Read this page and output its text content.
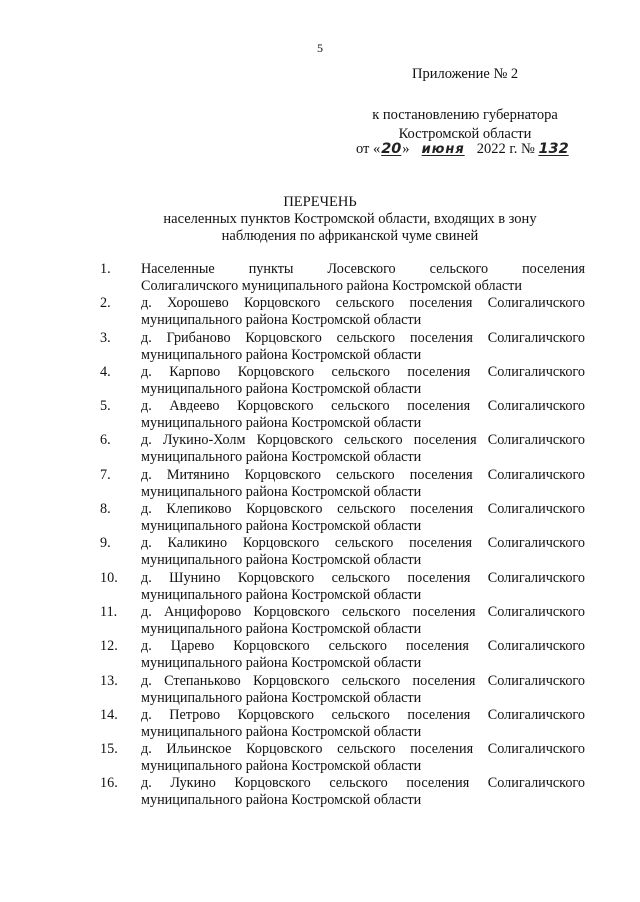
5
Приложение № 2
к постановлению губернатора
Костромской области
от «20» июня 2022 г. № 132
ПЕРЕЧЕНЬ
населенных пунктов Костромской области, входящих в зону наблюдения по африканской чуме свиней
1.	Населенные пункты Лосевского сельского поселения
Солигаличского муниципального района Костромской области
2.	д. Хорошево Корцовского сельского поселения Солигаличского
муниципального района Костромской области
3.	д. Грибаново Корцовского сельского поселения Солигаличского
муниципального района Костромской области
4.	д. Карпово Корцовского сельского поселения Солигаличского
муниципального района Костромской области
5.	д. Авдеево Корцовского сельского поселения Солигаличского
муниципального района Костромской области
6.	д. Лукино-Холм Корцовского сельского поселения Солигаличского
муниципального района Костромской области
7.	д. Митянино Корцовского сельского поселения Солигаличского
муниципального района Костромской области
8.	д. Клепиково Корцовского сельского поселения Солигаличского
муниципального района Костромской области
9.	д. Каликино Корцовского сельского поселения Солигаличского
муниципального района Костромской области
10.	д. Шунино Корцовского сельского поселения Солигаличского
муниципального района Костромской области
11.	д. Анцифорово Корцовского сельского поселения Солигаличского
муниципального района Костромской области
12.	д. Царево Корцовского сельского поселения Солигаличского
муниципального района Костромской области
13.	д. Степаньково Корцовского сельского поселения Солигаличского
муниципального района Костромской области
14.	д. Петрово Корцовского сельского поселения Солигаличского
муниципального района Костромской области
15.	д. Ильинское Корцовского сельского поселения Солигаличского
муниципального района Костромской области
16.	д. Лукино Корцовского сельского поселения Солигаличского
муниципального района Костромской области
